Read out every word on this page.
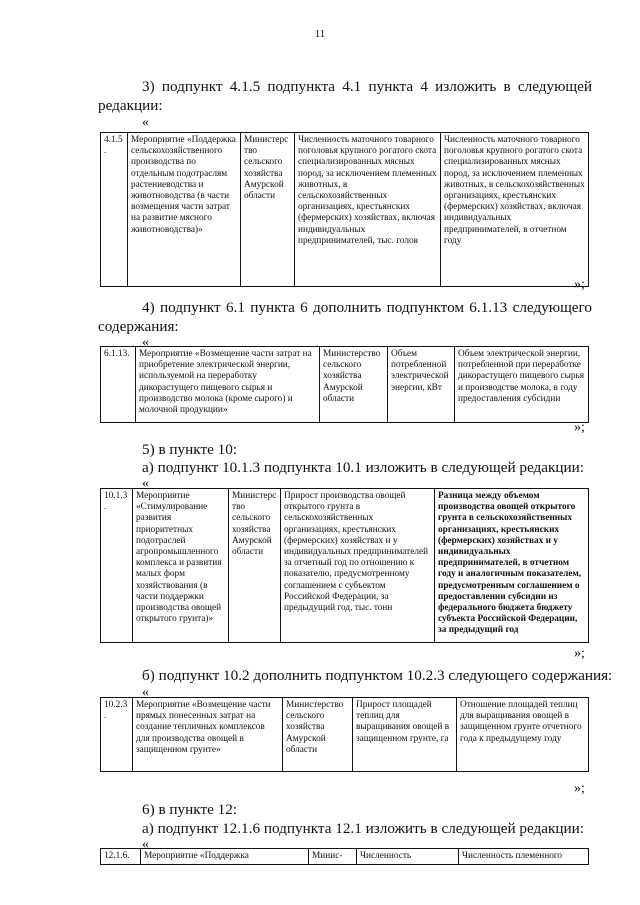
11
3) подпункт 4.1.5 подпункта 4.1 пункта 4 изложить в следующей
редакции:
«
4.1.5.	Мероприятие «Поддержка сельскохозяйственного производства по отдельным подотраслям растениеводства и животноводства (в части возмещения части затрат на развитие мясного животноводства)»	Министерство сельского хозяйства Амурской области	Численность маточного товарного поголовья крупного рогатого скота специализированных мясных пород, за исключением племенных животных, в сельскохозяйственных организациях, крестьянских (фермерских) хозяйствах, включая индивидуальных предпринимателей, тыс. голов	Численность маточного товарного поголовья крупного рогатого скота специализированных мясных пород, за исключением племенных животных, в сельскохозяйственных организациях, крестьянских (фермерских) хозяйствах, включая индивидуальных предпринимателей, в отчетном году
»;
4) подпункт 6.1 пункта 6 дополнить подпунктом 6.1.13 следующего
содержания:
«
6.1.13.	Мероприятие «Возмещение части затрат на приобретение электрической энергии, используемой на переработку дикорастущего пищевого сырья и производство молока (кроме сырого) и молочной продукции»	Министерство сельского хозяйства Амурской области	Объем потребленной электрической энергии, кВт	Объем электрической энергии, потребленной при переработке дикорастущего пищевого сырья и производстве молока, в году предоставления субсидии
»;
5) в пункте 10:
а) подпункт 10.1.3 подпункта 10.1 изложить в следующей редакции:
«
10.1.3.	Мероприятие «Стимулирование развития приоритетных подотраслей агропромышленного комплекса и развития малых форм хозяйствования (в части поддержки производства овощей открытого грунта)»	Министерство сельского хозяйства Амурской области	Прирост производства овощей открытого грунта в сельскохозяйственных организациях, крестьянских (фермерских) хозяйствах и у индивидуальных предпринимателей за отчетный год по отношению к показателю, предусмотренному соглашением с субъектом Российской Федерации, за предыдущий год, тыс. тонн	Разница между объемом производства овощей открытого грунта в сельскохозяйственных организациях, крестьянских (фермерских) хозяйствах и у индивидуальных предпринимателей, в отчетном году и аналогичным показателем, предусмотренным соглашением о предоставлении субсидии из федерального бюджета бюджету субъекта Российской Федерации, за предыдущий год
»;
б) подпункт 10.2 дополнить подпунктом 10.2.3 следующего содержания:
«
10.2.3.	Мероприятие «Возмещение части прямых понесенных затрат на создание тепличных комплексов для производства овощей в защищенном грунте»	Министерство сельского хозяйства Амурской области	Прирост площадей теплиц для выращивания овощей в защищенном грунте, га	Отношение площадей теплиц для выращивания овощей в защищенном грунте отчетного года к предыдущему году
»;
6) в пункте 12:
а) подпункт 12.1.6 подпункта 12.1 изложить в следующей редакции:
«
12.1.6.	Мероприятие «Поддержка	Минис-	Численность	Численность племенного
